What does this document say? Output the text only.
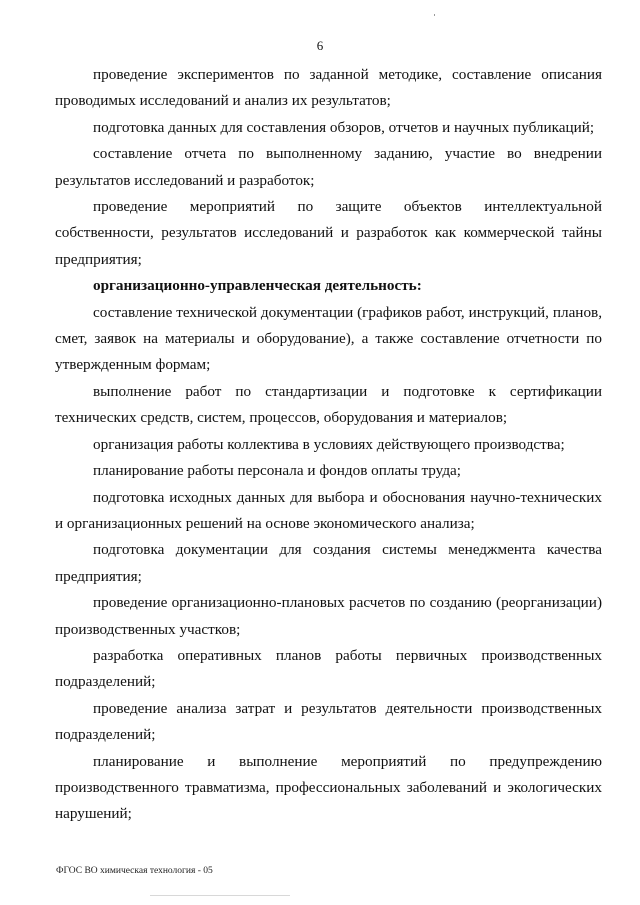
6

проведение экспериментов по заданной методике, составление описания проводимых исследований и анализ их результатов;

подготовка данных для составления обзоров, отчетов и научных публикаций;

составление отчета по выполненному заданию, участие во внедрении результатов исследований и разработок;

проведение мероприятий по защите объектов интеллектуальной собственности, результатов исследований и разработок как коммерческой тайны предприятия;

организационно-управленческая деятельность:

составление технической документации (графиков работ, инструкций, планов, смет, заявок на материалы и оборудование), а также составление отчетности по утвержденным формам;

выполнение работ по стандартизации и подготовке к сертификации технических средств, систем, процессов, оборудования и материалов;

организация работы коллектива в условиях действующего производства;

планирование работы персонала и фондов оплаты труда;

подготовка исходных данных для выбора и обоснования научно-технических и организационных решений на основе экономического анализа;

подготовка документации для создания системы менеджмента качества предприятия;

проведение организационно-плановых расчетов по созданию (реорганизации) производственных участков;

разработка оперативных планов работы первичных производственных подразделений;

проведение анализа затрат и результатов деятельности производственных подразделений;

планирование и выполнение мероприятий по предупреждению производственного травматизма, профессиональных заболеваний и экологических нарушений;

ФГОС ВО химическая технология - 05
